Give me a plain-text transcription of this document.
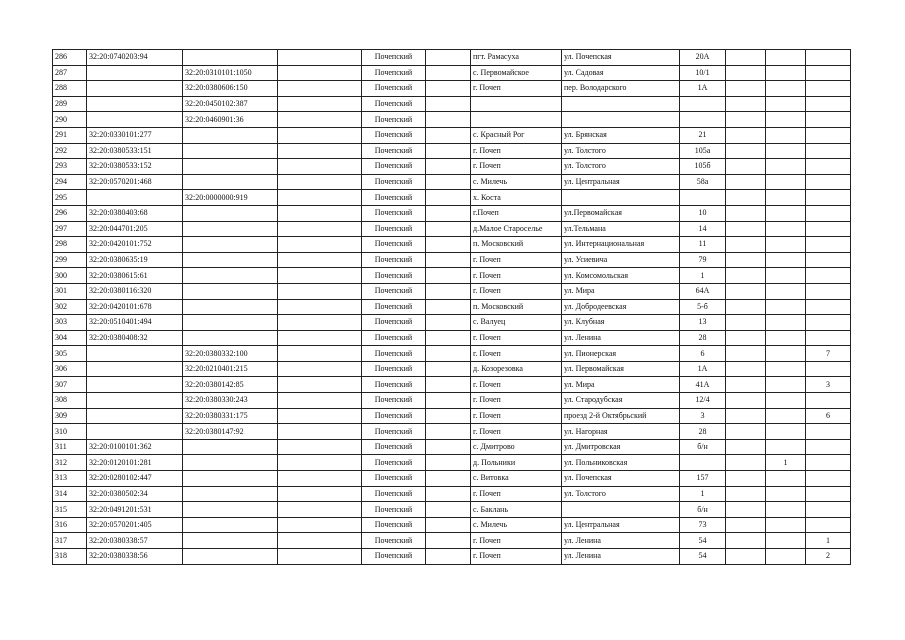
286	32:20:0740203:94			Почепский		пгт. Рамасуха	ул. Почепская	20А			
287		32:20:0310101:1050		Почепский		с. Первомайское	ул. Садовая	10/1			
288		32:20:0380606:150		Почепский		г. Почеп	пер. Володарского	1А			
289		32:20:0450102:387		Почепский							
290		32:20:0460901:36		Почепский							
291	32:20:0330101:277			Почепский		с. Красный Рог	ул. Брянская	21			
292	32:20:0380533:151			Почепский		г. Почеп	ул. Толстого	105а			
293	32:20:0380533:152			Почепский		г. Почеп	ул. Толстого	105б			
294	32:20:0570201:468			Почепский		с. Милечь	ул. Центральная	58а			
295		32:20:0000000:919		Почепский		х. Коста					
296	32:20:0380403:68			Почепский		г.Почеп	ул.Первомайская	10			
297	32:20:044701:205			Почепский		д.Малое Старосельe	ул.Тельмана	14			
298	32:20:0420101:752			Почепский		п. Московский	ул. Интернациональная	11			
299	32:20:0380635:19			Почепский		г. Почеп	ул. Усиевича	79			
300	32:20:0380615:61			Почепский		г. Почеп	ул. Комсомольская	1			
301	32:20:0380116:320			Почепский		г. Почеп	ул. Мира	64А			
302	32:20:0420101:678			Почепский		п. Московский	ул. Добродеевская	5-б			
303	32:20:0510401:494			Почепский		с. Валуец	ул. Клубная	13			
304	32:20:0380408:32			Почепский		г. Почеп	ул. Ленина	28			
305		32:20:0380332:100		Почепский		г. Почеп	ул. Пионерская	6			7
306		32:20:0210401:215		Почепский		д. Козорезовка	ул. Первомайская	1А			
307		32:20:0380142:85		Почепский		г. Почеп	ул. Мира	41А			3
308		32:20:0380330:243		Почепский		г. Почеп	ул. Стародубская	12/4			
309		32:20:0380331:175		Почепский		г. Почеп	проезд 2-й Октябрьский	3			6
310		32:20:0380147:92		Почепский		г. Почеп	ул. Нагорная	28			
311	32:20:0100101:362			Почепский		с. Дмитрово	ул. Дмитровская	б/н			
312	32:20:0120101:281			Почепский		д. Польники	ул. Польниковская			1	
313	32:20:0280102:447			Почепский		с. Витовка	ул. Почепская	157			
314	32:20:0380502:34			Почепский		г. Почеп	ул. Толстого	1			
315	32:20:0491201:531			Почепский		с. Баклань		б/н			
316	32:20:0570201:405			Почепский		с. Милечь	ул. Центральная	73			
317	32:20:0380338:57			Почепский		г. Почеп	ул. Ленина	54			1
318	32:20:0380338:56			Почепский		г. Почеп	ул. Ленина	54			2
